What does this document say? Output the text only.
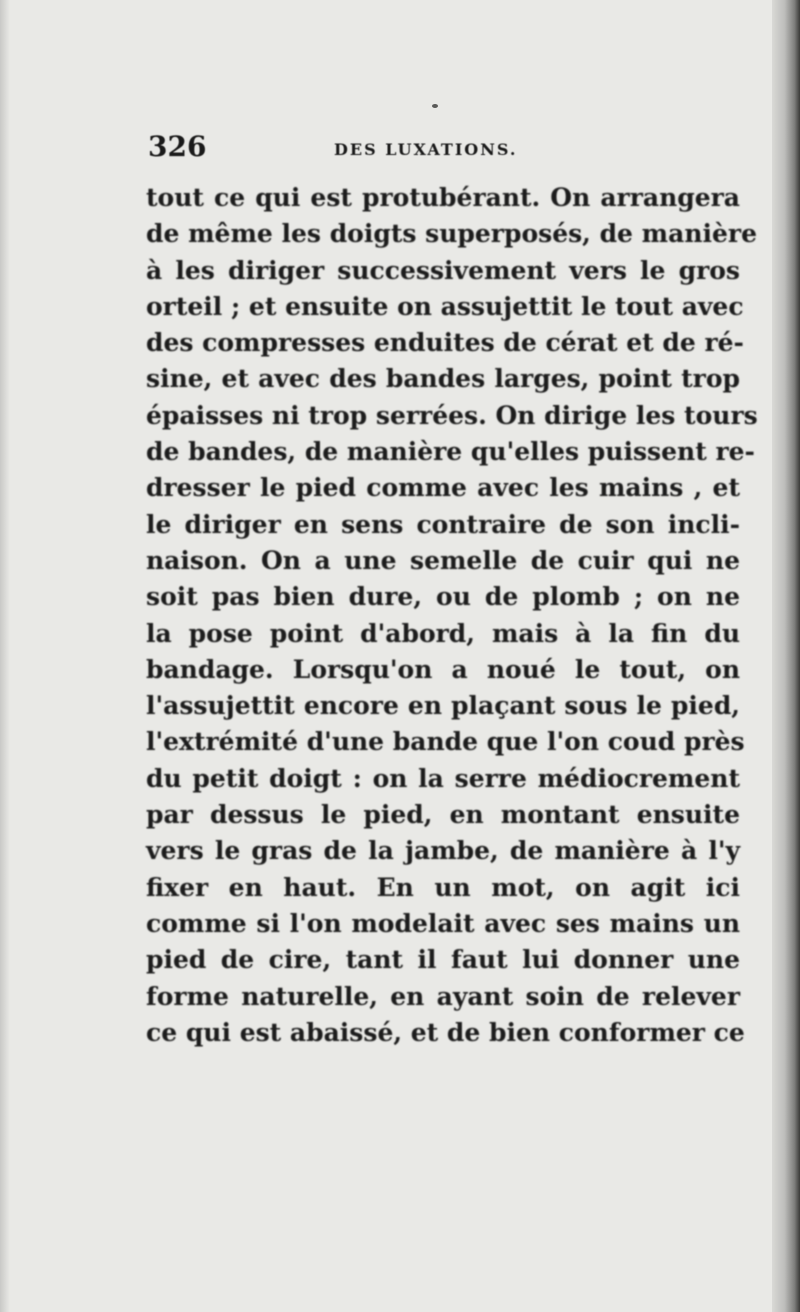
326	DES LUXATIONS.
tout ce qui est protubérant. On arrangera
de même les doigts superposés, de manière
à les diriger successivement vers le gros
orteil ; et ensuite on assujettit le tout avec
des compresses enduites de cérat et de ré-
sine, et avec des bandes larges, point trop
épaisses ni trop serrées. On dirige les tours
de bandes, de manière qu'elles puissent re-
dresser le pied comme avec les mains , et
le diriger en sens contraire de son incli-
naison. On a une semelle de cuir qui ne
soit pas bien dure, ou de plomb ; on ne
la pose point d'abord, mais à la fin du
bandage. Lorsqu'on a noué le tout, on
l'assujettit encore en plaçant sous le pied,
l'extrémité d'une bande que l'on coud près
du petit doigt : on la serre médiocrement
par dessus le pied, en montant ensuite
vers le gras de la jambe, de manière à l'y
fixer en haut. En un mot, on agit ici
comme si l'on modelait avec ses mains un
pied de cire, tant il faut lui donner une
forme naturelle, en ayant soin de relever
ce qui est abaissé, et de bien conformer ce
